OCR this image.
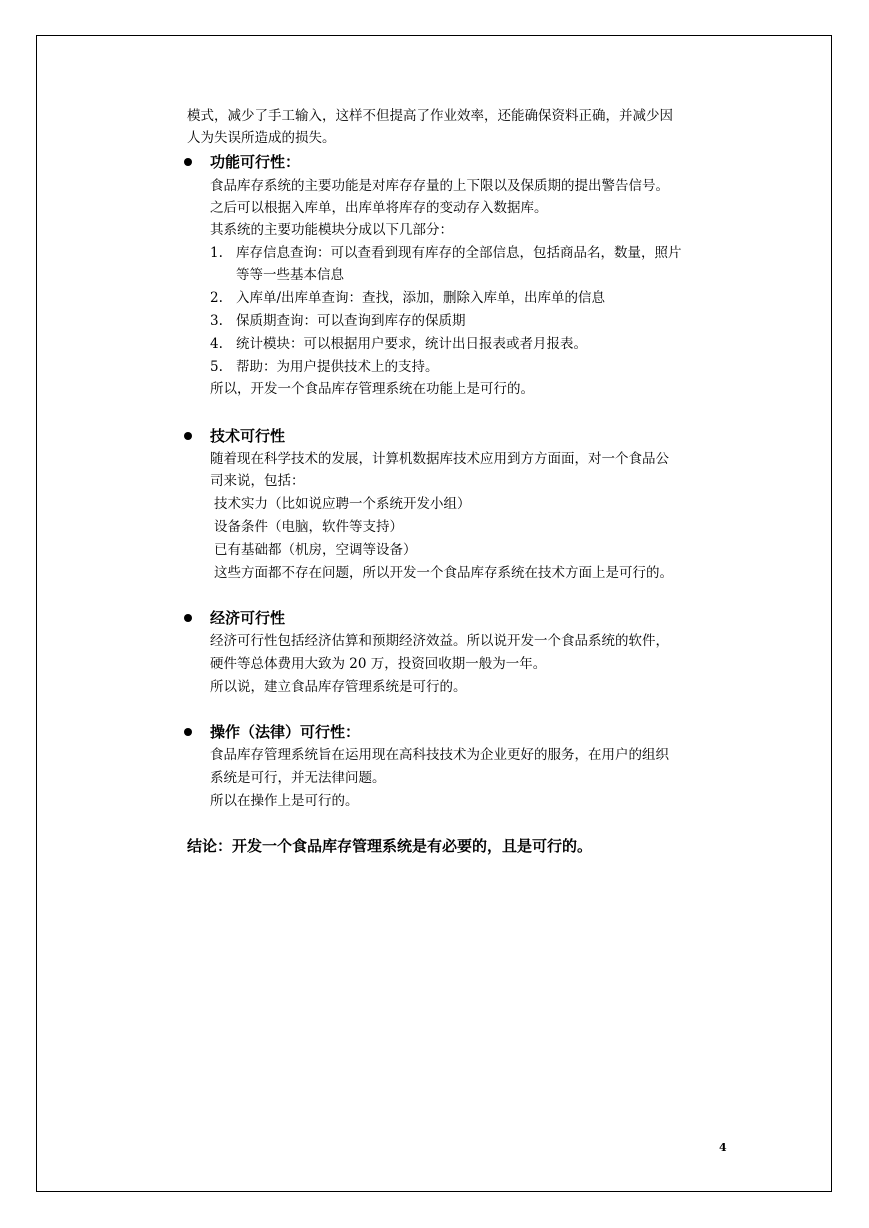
模式，减少了手工输入，这样不但提高了作业效率，还能确保资料正确，并减少因
人为失误所造成的损失。
功能可行性：
食品库存系统的主要功能是对库存存量的上下限以及保质期的提出警告信号。
之后可以根据入库单，出库单将库存的变动存入数据库。
其系统的主要功能模块分成以下几部分：
1. 库存信息查询：可以查看到现有库存的全部信息，包括商品名，数量，照片
等等一些基本信息
2. 入库单/出库单查询：查找，添加，删除入库单，出库单的信息
3. 保质期查询：可以查询到库存的保质期
4. 统计模块：可以根据用户要求，统计出日报表或者月报表。
5. 帮助：为用户提供技术上的支持。
所以，开发一个食品库存管理系统在功能上是可行的。
技术可行性
随着现在科学技术的发展，计算机数据库技术应用到方方面面，对一个食品公
司来说，包括：
技术实力（比如说应聘一个系统开发小组）
设备条件（电脑，软件等支持）
已有基础都（机房，空调等设备）
这些方面都不存在问题，所以开发一个食品库存系统在技术方面上是可行的。
经济可行性
经济可行性包括经济估算和预期经济效益。所以说开发一个食品系统的软件，
硬件等总体费用大致为 20 万，投资回收期一般为一年。
所以说，建立食品库存管理系统是可行的。
操作（法律）可行性：
食品库存管理系统旨在运用现在高科技技术为企业更好的服务，在用户的组织
系统是可行，并无法律问题。
所以在操作上是可行的。
结论：开发一个食品库存管理系统是有必要的，且是可行的。
4
